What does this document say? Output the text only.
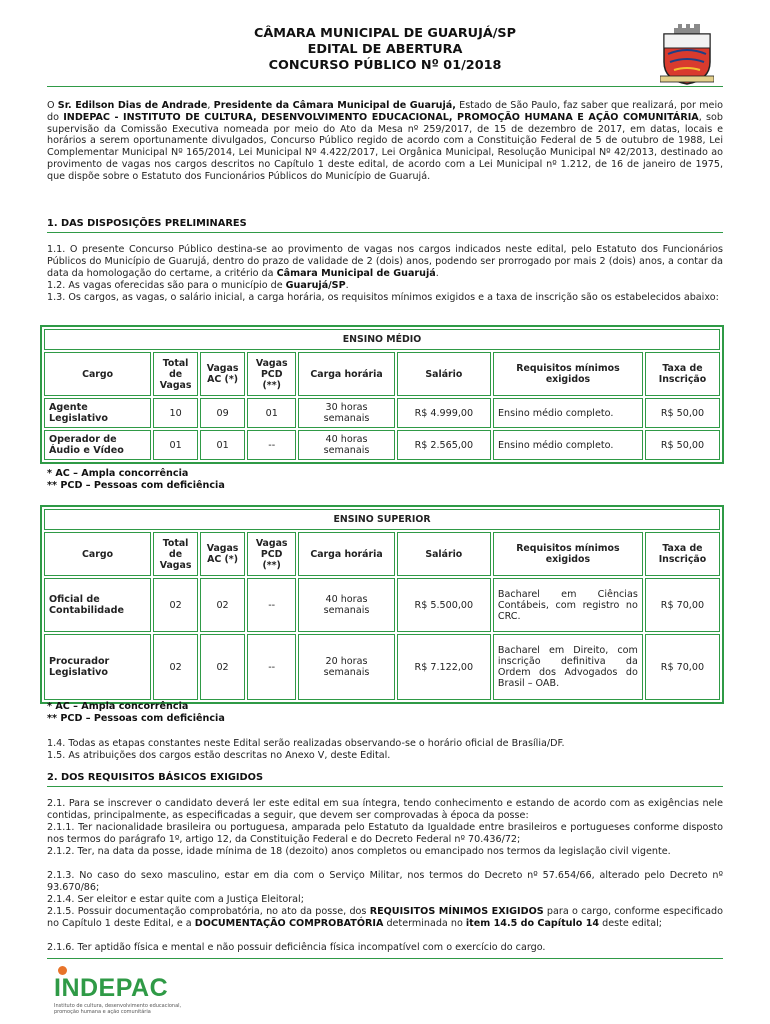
CÂMARA MUNICIPAL DE GUARUJÁ/SP
EDITAL DE ABERTURA
CONCURSO PÚBLICO Nº 01/2018

O Sr. Edilson Dias de Andrade, Presidente da Câmara Municipal de Guarujá, Estado de São Paulo, faz saber que realizará, por meio do INDEPAC - INSTITUTO DE CULTURA, DESENVOLVIMENTO EDUCACIONAL, PROMOÇÃO HUMANA E AÇÃO COMUNITÁRIA, sob supervisão da Comissão Executiva nomeada por meio do Ato da Mesa nº 259/2017, de 15 de dezembro de 2017, em datas, locais e horários a serem oportunamente divulgados, Concurso Público regido de acordo com a Constituição Federal de 5 de outubro de 1988, Lei Complementar Municipal Nº 165/2014, Lei Municipal Nº 4.422/2017, Lei Orgânica Municipal, Resolução Municipal Nº 42/2013, destinado ao provimento de vagas nos cargos descritos no Capítulo 1 deste edital, de acordo com a Lei Municipal nº 1.212, de 16 de janeiro de 1975, que dispõe sobre o Estatuto dos Funcionários Públicos do Município de Guarujá.

1. DAS DISPOSIÇÕES PRELIMINARES

1.1. O presente Concurso Público destina-se ao provimento de vagas nos cargos indicados neste edital, pelo Estatuto dos Funcionários Públicos do Município de Guarujá, dentro do prazo de validade de 2 (dois) anos, podendo ser prorrogado por mais 2 (dois) anos, a contar da data da homologação do certame, a critério da Câmara Municipal de Guarujá.

1.2. As vagas oferecidas são para o município de Guarujá/SP.

1.3. Os cargos, as vagas, o salário inicial, a carga horária, os requisitos mínimos exigidos e a taxa de inscrição são os estabelecidos abaixo:

ENSINO MÉDIO							
Cargo	Total de Vagas	Vagas AC (*)	Vagas PCD (**)	Carga horária	Salário	Requisitos mínimos exigidos	Taxa de Inscrição
Agente Legislativo	10	09	01	30 horas semanais	R$ 4.999,00	Ensino médio completo.	R$ 50,00
Operador de Áudio e Vídeo	01	01	--	40 horas semanais	R$ 2.565,00	Ensino médio completo.	R$ 50,00
* AC – Ampla concorrência
** PCD – Pessoas com deficiência
ENSINO SUPERIOR							
Cargo	Total de Vagas	Vagas AC (*)	Vagas PCD (**)	Carga horária	Salário	Requisitos mínimos exigidos	Taxa de Inscrição
Oficial de Contabilidade	02	02	--	40 horas semanais	R$ 5.500,00	Bacharel em Ciências Contábeis, com registro no CRC.	R$ 70,00
Procurador Legislativo	02	02	--	20 horas semanais	R$ 7.122,00	Bacharel em Direito, com inscrição definitiva da Ordem dos Advogados do Brasil – OAB.	R$ 70,00
* AC – Ampla concorrência
** PCD – Pessoas com deficiência

1.4. Todas as etapas constantes neste Edital serão realizadas observando-se o horário oficial de Brasília/DF.

1.5. As atribuições dos cargos estão descritas no Anexo V, deste Edital.

2. DOS REQUISITOS BÁSICOS EXIGIDOS

2.1. Para se inscrever o candidato deverá ler este edital em sua íntegra, tendo conhecimento e estando de acordo com as exigências nele contidas, principalmente, as especificadas a seguir, que devem ser comprovadas à época da posse:

2.1.1. Ter nacionalidade brasileira ou portuguesa, amparada pelo Estatuto da Igualdade entre brasileiros e portugueses conforme disposto nos termos do parágrafo 1º, artigo 12, da Constituição Federal e do Decreto Federal nº 70.436/72;

2.1.2. Ter, na data da posse, idade mínima de 18 (dezoito) anos completos ou emancipado nos termos da legislação civil vigente.

2.1.3. No caso do sexo masculino, estar em dia com o Serviço Militar, nos termos do Decreto nº 57.654/66, alterado pelo Decreto nº 93.670/86;

2.1.4. Ser eleitor e estar quite com a Justiça Eleitoral;

2.1.5. Possuir documentação comprobatória, no ato da posse, dos REQUISITOS MÍNIMOS EXIGIDOS para o cargo, conforme especificado no Capítulo 1 deste Edital, e a DOCUMENTAÇÃO COMPROBATÓRIA determinada no item 14.5 do Capítulo 14 deste edital;

2.1.6. Ter aptidão física e mental e não possuir deficiência física incompatível com o exercício do cargo.

INDEPAC
Instituto de cultura, desenvolvimento educacional,
promoção humana e ação comunitária
